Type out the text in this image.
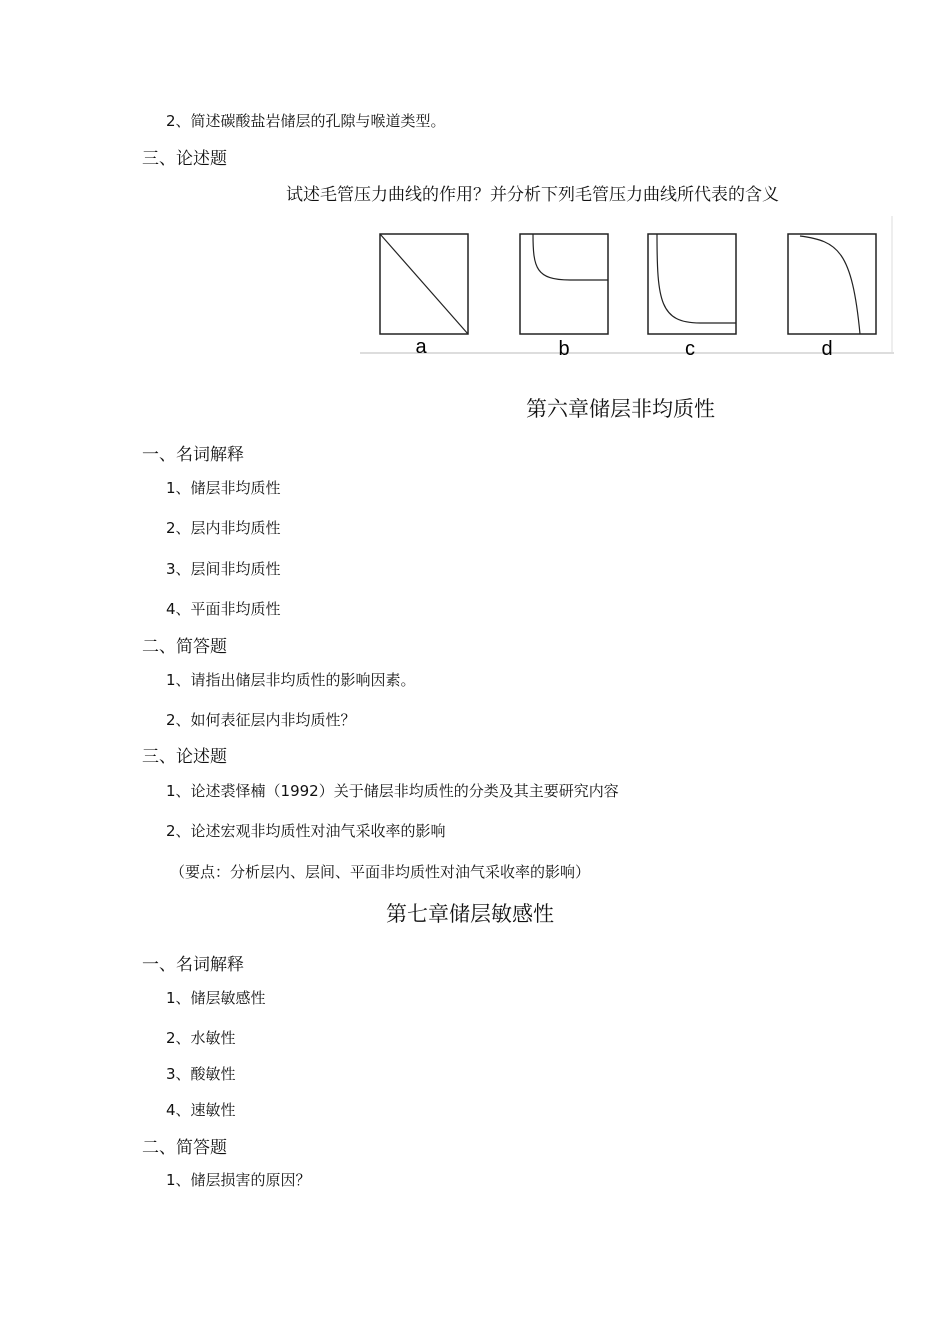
2、简述碳酸盐岩储层的孔隙与喉道类型。
三、论述题
试述毛管压力曲线的作用？并分析下列毛管压力曲线所代表的含义
a	b	c	d
第六章储层非均质性
一、名词解释
1、储层非均质性
2、层内非均质性
3、层间非均质性
4、平面非均质性
二、简答题
1、请指出储层非均质性的影响因素。
2、如何表征层内非均质性？
三、论述题
1、论述裘怿楠（1992）关于储层非均质性的分类及其主要研究内容
2、论述宏观非均质性对油气采收率的影响
（要点：分析层内、层间、平面非均质性对油气采收率的影响）
第七章储层敏感性
一、名词解释
1、储层敏感性
2、水敏性
3、酸敏性
4、速敏性
二、简答题
1、储层损害的原因？
